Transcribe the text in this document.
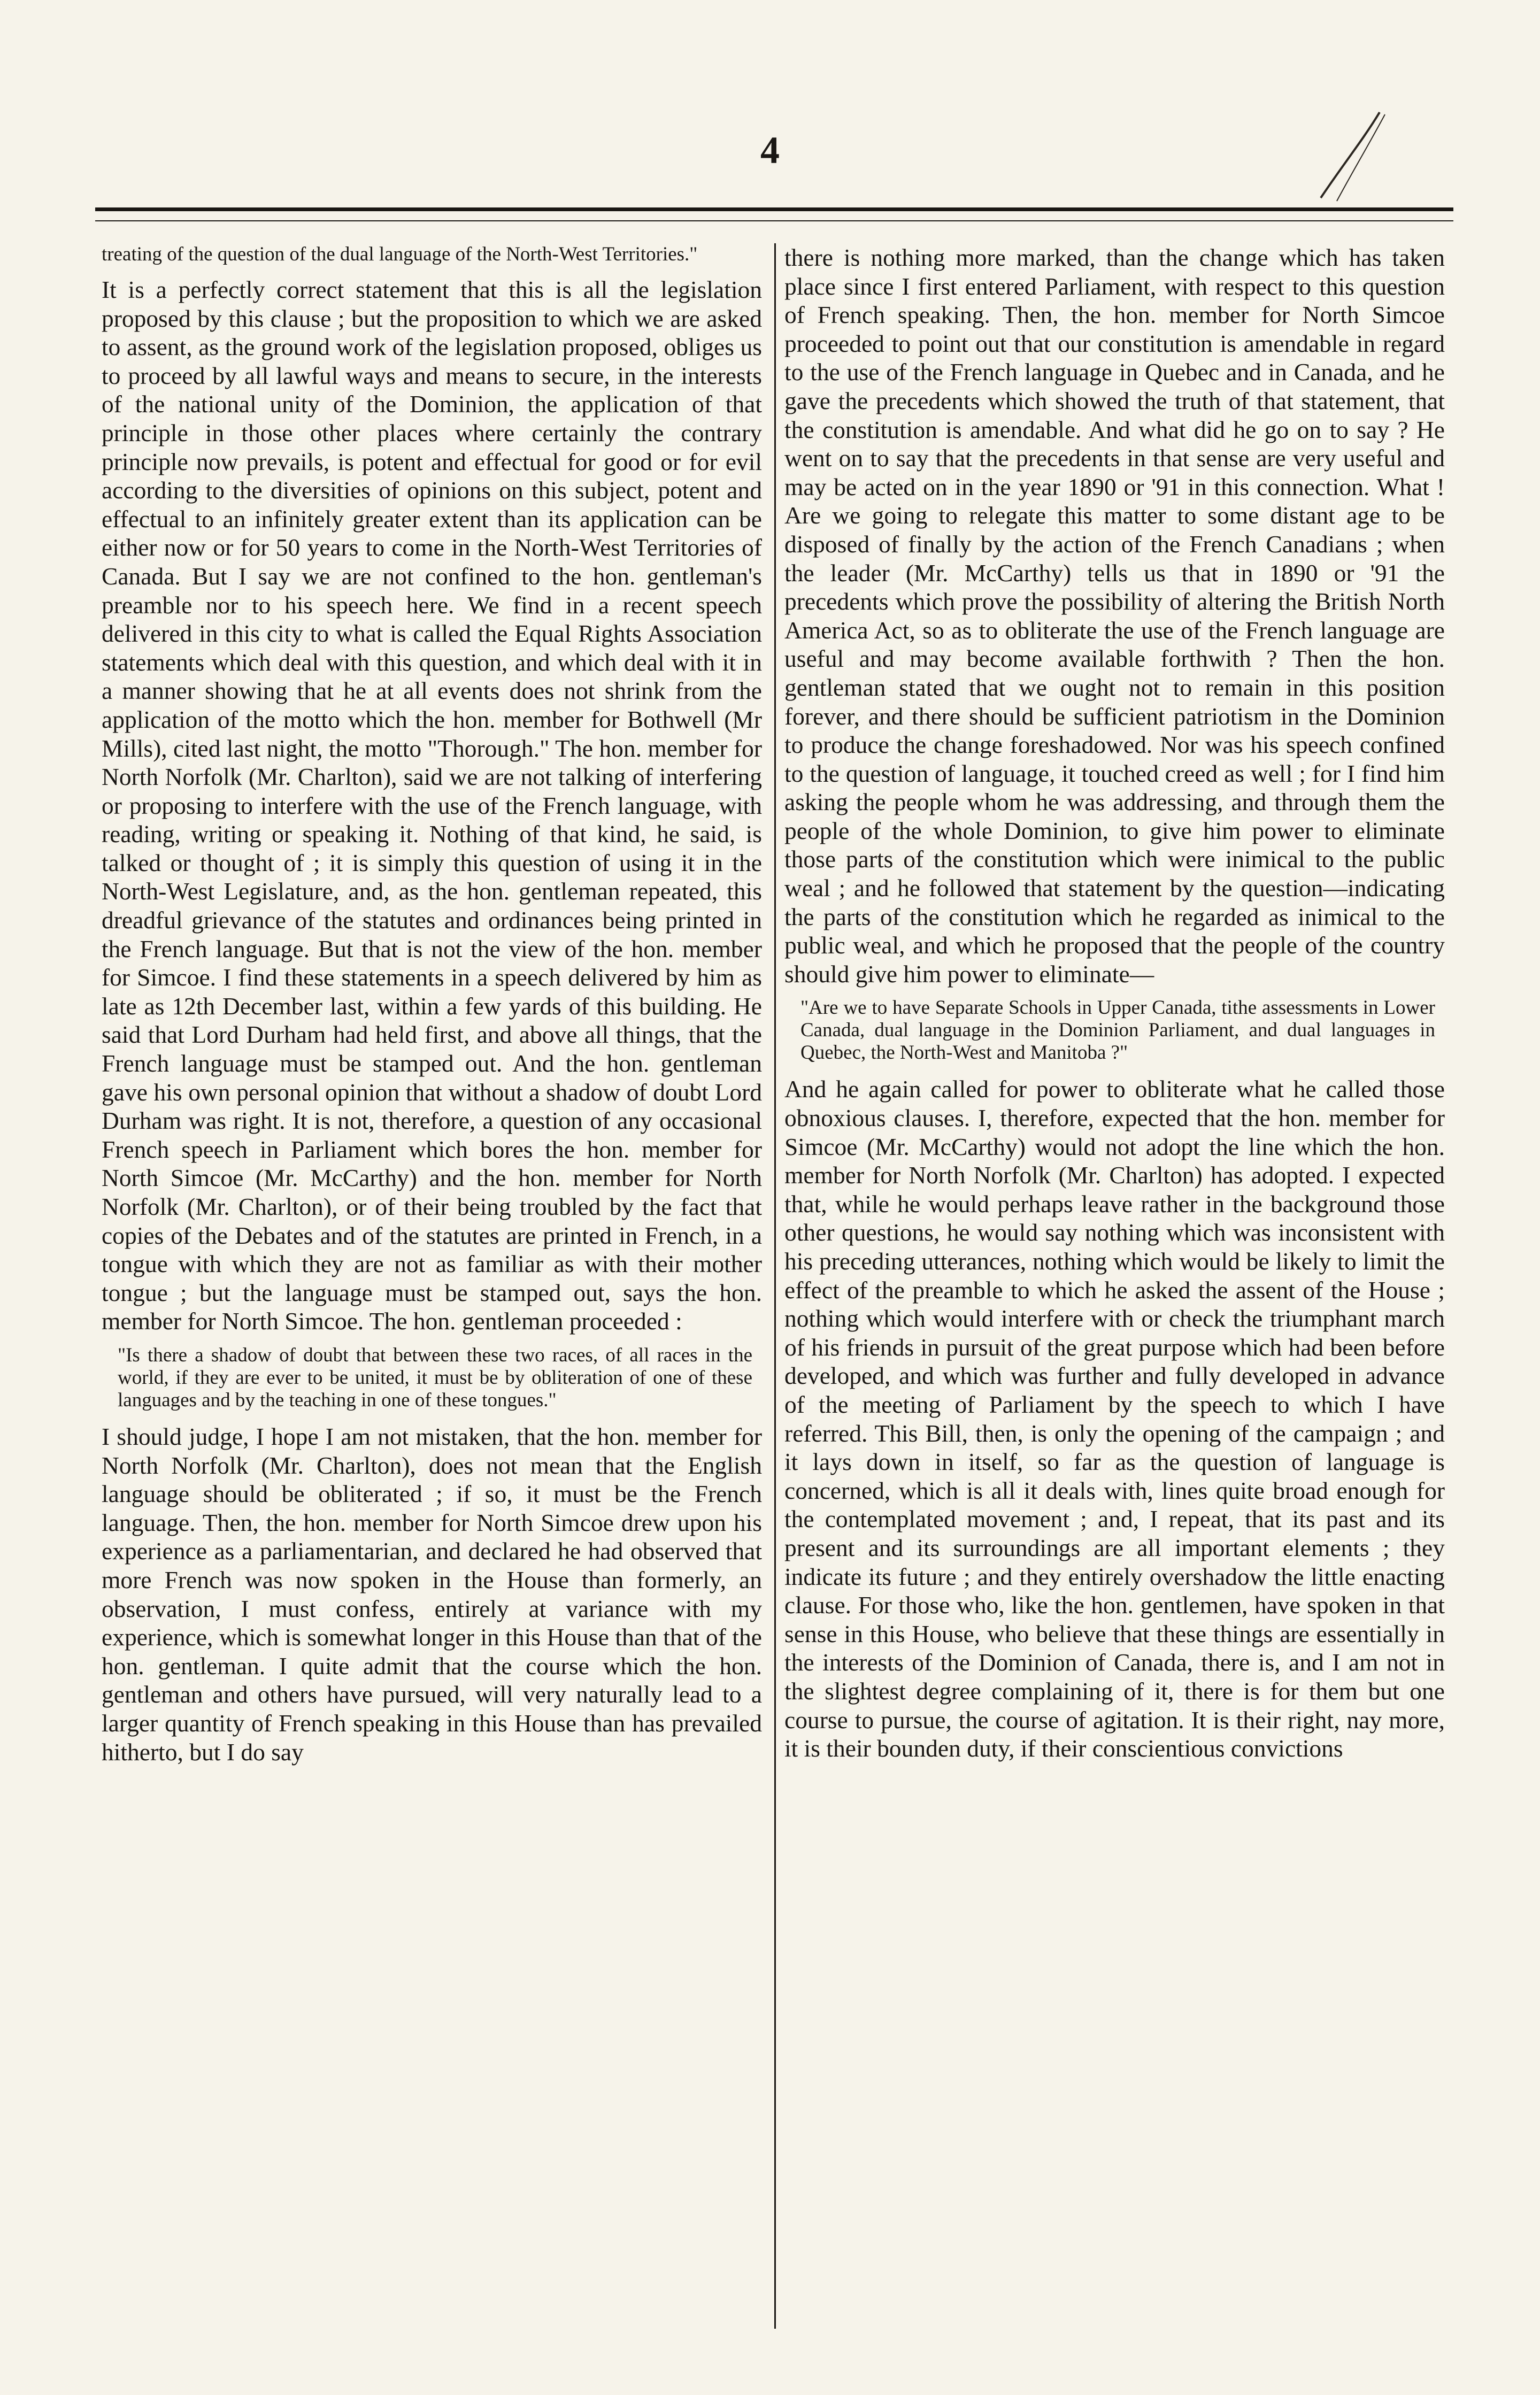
4

treating of the question of the dual language of the North-West Territories."

It is a perfectly correct statement that this is all the legislation proposed by this clause ; but the proposition to which we are asked to assent, as the ground work of the legislation proposed, obliges us to proceed by all lawful ways and means to secure, in the interests of the national unity of the Dominion, the application of that principle in those other places where certainly the contrary principle now prevails, is potent and effectual for good or for evil according to the diversities of opinions on this subject, potent and effectual to an infinitely greater extent than its application can be either now or for 50 years to come in the North-West Territories of Canada. But I say we are not confined to the hon. gentleman's preamble nor to his speech here. We find in a recent speech delivered in this city to what is called the Equal Rights Association statements which deal with this question, and which deal with it in a manner showing that he at all events does not shrink from the application of the motto which the hon. member for Bothwell (Mr Mills), cited last night, the motto "Thorough." The hon. member for North Norfolk (Mr. Charlton), said we are not talking of interfering or proposing to interfere with the use of the French language, with reading, writing or speaking it. Nothing of that kind, he said, is talked or thought of ; it is simply this question of using it in the North-West Legislature, and, as the hon. gentleman repeated, this dreadful grievance of the statutes and ordinances being printed in the French language. But that is not the view of the hon. member for Simcoe. I find these statements in a speech delivered by him as late as 12th December last, within a few yards of this building. He said that Lord Durham had held first, and above all things, that the French language must be stamped out. And the hon. gentleman gave his own personal opinion that without a shadow of doubt Lord Durham was right. It is not, therefore, a question of any occasional French speech in Parliament which bores the hon. member for North Simcoe (Mr. McCarthy) and the hon. member for North Norfolk (Mr. Charlton), or of their being troubled by the fact that copies of the Debates and of the statutes are printed in French, in a tongue with which they are not as familiar as with their mother tongue ; but the language must be stamped out, says the hon. member for North Simcoe. The hon. gentleman proceeded :

"Is there a shadow of doubt that between these two races, of all races in the world, if they are ever to be united, it must be by obliteration of one of these languages and by the teaching in one of these tongues."

I should judge, I hope I am not mistaken, that the hon. member for North Norfolk (Mr. Charlton), does not mean that the English language should be obliterated ; if so, it must be the French language. Then, the hon. member for North Simcoe drew upon his experience as a parliamentarian, and declared he had observed that more French was now spoken in the House than formerly, an observation, I must confess, entirely at variance with my experience, which is somewhat longer in this House than that of the hon. gentleman. I quite admit that the course which the hon. gentleman and others have pursued, will very naturally lead to a larger quantity of French speaking in this House than has prevailed hitherto, but I do say

there is nothing more marked, than the change which has taken place since I first entered Parliament, with respect to this question of French speaking. Then, the hon. member for North Simcoe proceeded to point out that our constitution is amendable in regard to the use of the French language in Quebec and in Canada, and he gave the precedents which showed the truth of that statement, that the constitution is amendable. And what did he go on to say ? He went on to say that the precedents in that sense are very useful and may be acted on in the year 1890 or '91 in this connection. What ! Are we going to relegate this matter to some distant age to be disposed of finally by the action of the French Canadians ; when the leader (Mr. McCarthy) tells us that in 1890 or '91 the precedents which prove the possibility of altering the British North America Act, so as to obliterate the use of the French language are useful and may become available forthwith ? Then the hon. gentleman stated that we ought not to remain in this position forever, and there should be sufficient patriotism in the Dominion to produce the change foreshadowed. Nor was his speech confined to the question of language, it touched creed as well ; for I find him asking the people whom he was addressing, and through them the people of the whole Dominion, to give him power to eliminate those parts of the constitution which were inimical to the public weal ; and he followed that statement by the question—indicating the parts of the constitution which he regarded as inimical to the public weal, and which he proposed that the people of the country should give him power to eliminate—

"Are we to have Separate Schools in Upper Canada, tithe assessments in Lower Canada, dual language in the Dominion Parliament, and dual languages in Quebec, the North-West and Manitoba ?"

And he again called for power to obliterate what he called those obnoxious clauses. I, therefore, expected that the hon. member for Simcoe (Mr. McCarthy) would not adopt the line which the hon. member for North Norfolk (Mr. Charlton) has adopted. I expected that, while he would perhaps leave rather in the background those other questions, he would say nothing which was inconsistent with his preceding utterances, nothing which would be likely to limit the effect of the preamble to which he asked the assent of the House ; nothing which would interfere with or check the triumphant march of his friends in pursuit of the great purpose which had been before developed, and which was further and fully developed in advance of the meeting of Parliament by the speech to which I have referred. This Bill, then, is only the opening of the campaign ; and it lays down in itself, so far as the question of language is concerned, which is all it deals with, lines quite broad enough for the contemplated movement ; and, I repeat, that its past and its present and its surroundings are all important elements ; they indicate its future ; and they entirely overshadow the little enacting clause. For those who, like the hon. gentlemen, have spoken in that sense in this House, who believe that these things are essentially in the interests of the Dominion of Canada, there is, and I am not in the slightest degree complaining of it, there is for them but one course to pursue, the course of agitation. It is their right, nay more, it is their bounden duty, if their conscientious convictions
